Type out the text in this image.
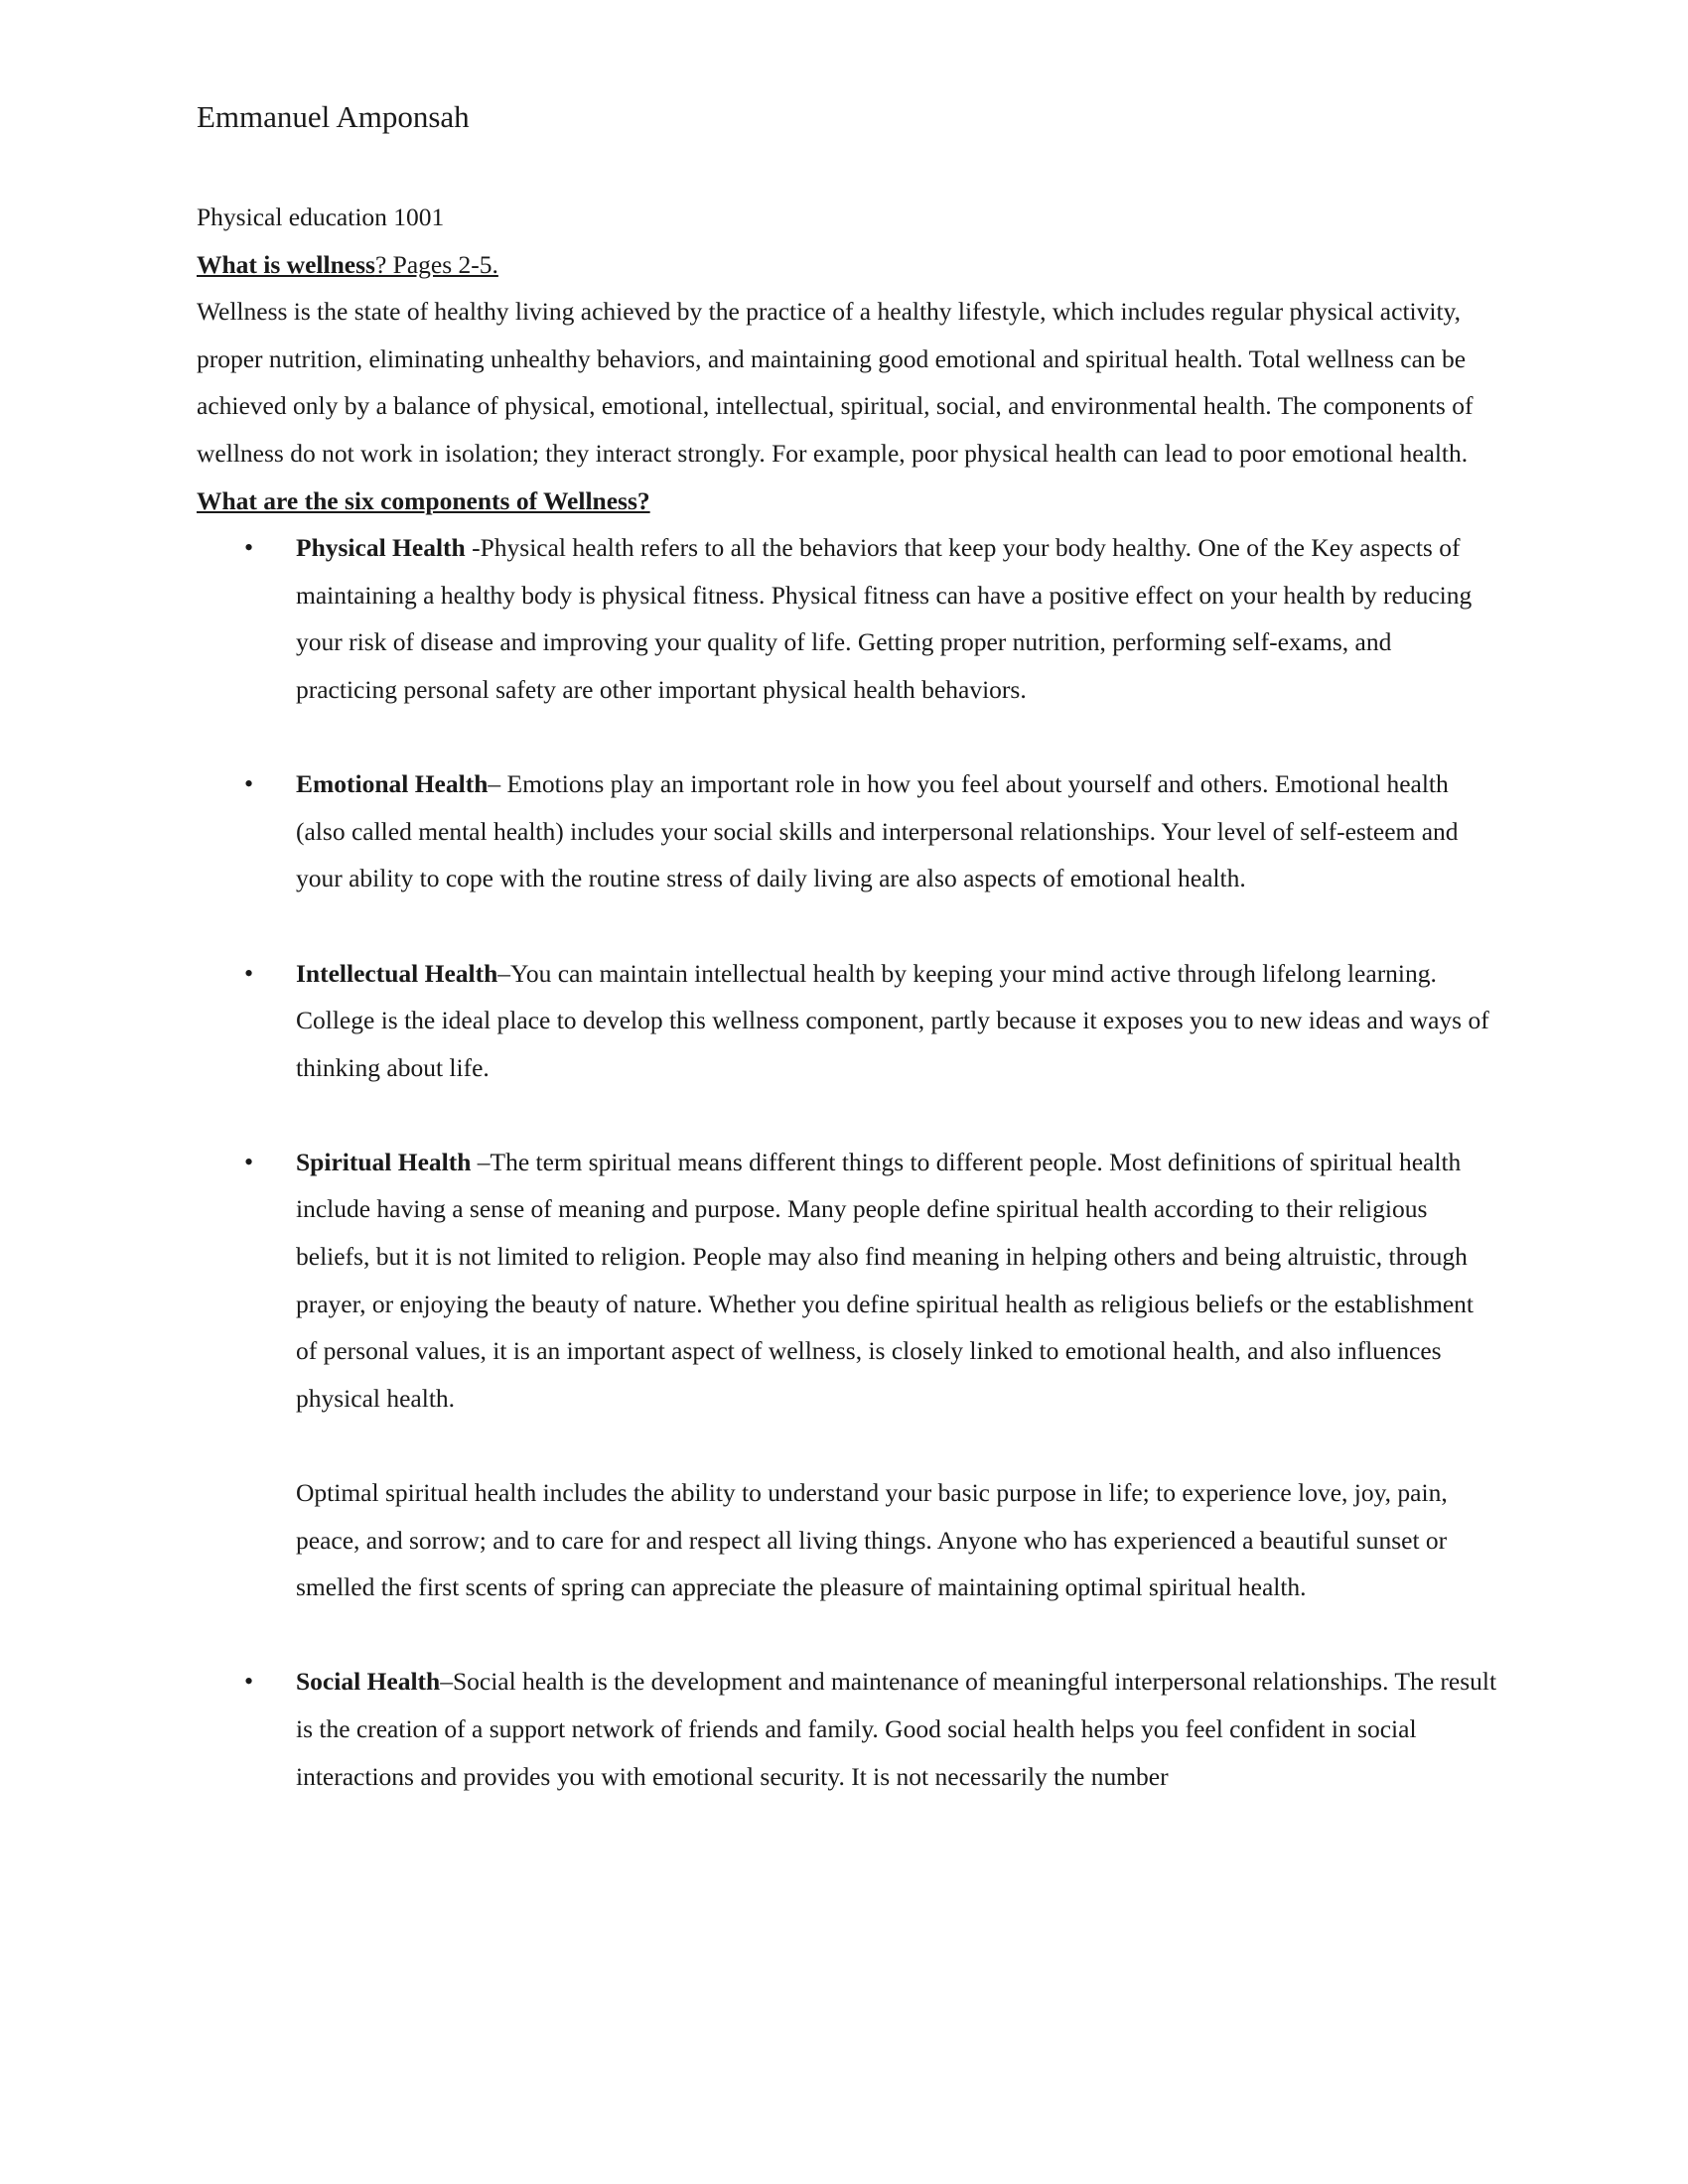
Emmanuel Amponsah

Physical education 1001

What is wellness? Pages 2-5.

Wellness is the state of healthy living achieved by the practice of a healthy lifestyle, which includes regular physical activity, proper nutrition, eliminating unhealthy behaviors, and maintaining good emotional and spiritual health. Total wellness can be achieved only by a balance of physical, emotional, intellectual, spiritual, social, and environmental health. The components of wellness do not work in isolation; they interact strongly. For example, poor physical health can lead to poor emotional health.

What are the six components of Wellness?

• Physical Health -Physical health refers to all the behaviors that keep your body healthy. One of the Key aspects of maintaining a healthy body is physical fitness. Physical fitness can have a positive effect on your health by reducing your risk of disease and improving your quality of life. Getting proper nutrition, performing self-exams, and practicing personal safety are other important physical health behaviors.

• Emotional Health– Emotions play an important role in how you feel about yourself and others. Emotional health (also called mental health) includes your social skills and interpersonal relationships. Your level of self-esteem and your ability to cope with the routine stress of daily living are also aspects of emotional health.

• Intellectual Health–You can maintain intellectual health by keeping your mind active through lifelong learning. College is the ideal place to develop this wellness component, partly because it exposes you to new ideas and ways of thinking about life.

• Spiritual Health –The term spiritual means different things to different people. Most definitions of spiritual health include having a sense of meaning and purpose. Many people define spiritual health according to their religious beliefs, but it is not limited to religion. People may also find meaning in helping others and being altruistic, through prayer, or enjoying the beauty of nature. Whether you define spiritual health as religious beliefs or the establishment of personal values, it is an important aspect of wellness, is closely linked to emotional health, and also influences physical health.

Optimal spiritual health includes the ability to understand your basic purpose in life; to experience love, joy, pain, peace, and sorrow; and to care for and respect all living things. Anyone who has experienced a beautiful sunset or smelled the first scents of spring can appreciate the pleasure of maintaining optimal spiritual health.

• Social Health–Social health is the development and maintenance of meaningful interpersonal relationships. The result is the creation of a support network of friends and family. Good social health helps you feel confident in social interactions and provides you with emotional security. It is not necessarily the number
